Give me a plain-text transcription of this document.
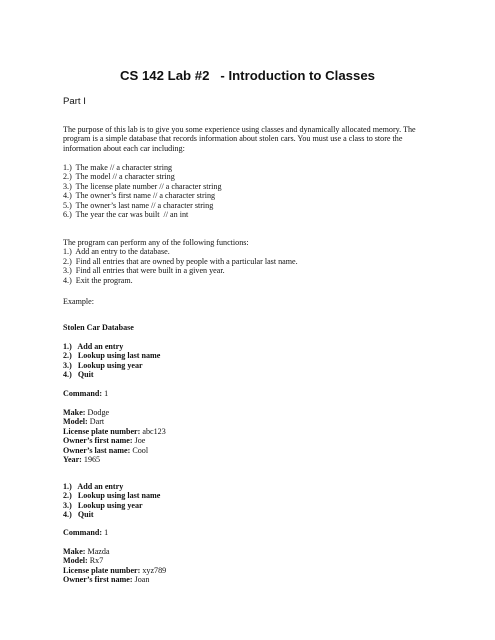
CS 142 Lab #2   - Introduction to Classes
Part I
The purpose of this lab is to give you some experience using classes and dynamically allocated memory. The program is a simple database that records information about stolen cars. You must use a class to store the information about each car including:
1.)  The make // a character string
2.)  The model // a character string
3.)  The license plate number // a character string
4.)  The owner’s first name // a character string
5.)  The owner’s last name // a character string
6.)  The year the car was built  // an int
The program can perform any of the following functions:
1.)  Add an entry to the database.
2.)  Find all entries that are owned by people with a particular last name.
3.)  Find all entries that were built in a given year.
4.)  Exit the program.
Example:
Stolen Car Database
1.)   Add an entry
2.)   Lookup using last name
3.)   Lookup using year
4.)   Quit
Command: 1
Make: Dodge
Model: Dart
License plate number: abc123
Owner’s first name: Joe
Owner’s last name: Cool
Year: 1965
1.)   Add an entry
2.)   Lookup using last name
3.)   Lookup using year
4.)   Quit
Command: 1
Make: Mazda
Model: Rx7
License plate number: xyz789
Owner’s first name: Joan
